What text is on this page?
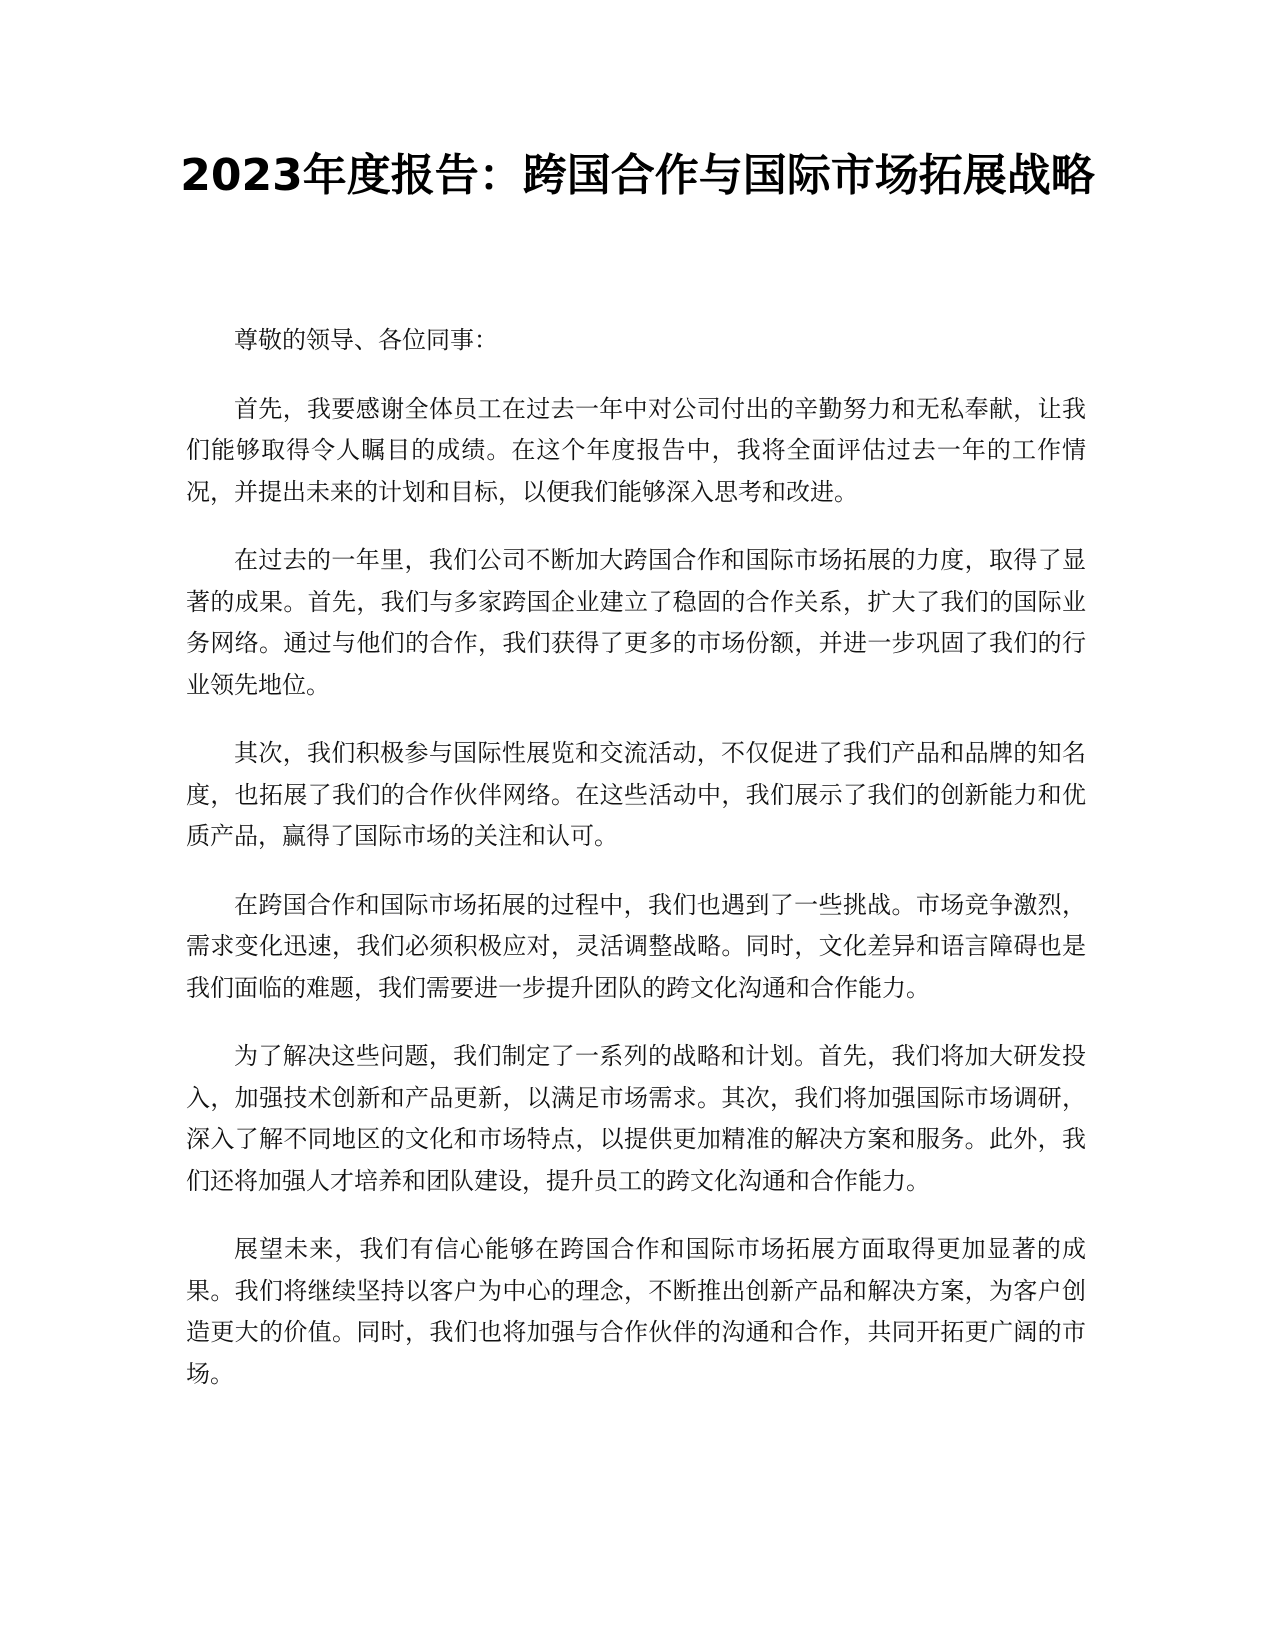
2023年度报告：跨国合作与国际市场拓展战略

尊敬的领导、各位同事：

首先，我要感谢全体员工在过去一年中对公司付出的辛勤努力和无私奉献，让我们能够取得令人瞩目的成绩。在这个年度报告中，我将全面评估过去一年的工作情况，并提出未来的计划和目标，以便我们能够深入思考和改进。

在过去的一年里，我们公司不断加大跨国合作和国际市场拓展的力度，取得了显著的成果。首先，我们与多家跨国企业建立了稳固的合作关系，扩大了我们的国际业务网络。通过与他们的合作，我们获得了更多的市场份额，并进一步巩固了我们的行业领先地位。

其次，我们积极参与国际性展览和交流活动，不仅促进了我们产品和品牌的知名度，也拓展了我们的合作伙伴网络。在这些活动中，我们展示了我们的创新能力和优质产品，赢得了国际市场的关注和认可。

在跨国合作和国际市场拓展的过程中，我们也遇到了一些挑战。市场竞争激烈，需求变化迅速，我们必须积极应对，灵活调整战略。同时，文化差异和语言障碍也是我们面临的难题，我们需要进一步提升团队的跨文化沟通和合作能力。

为了解决这些问题，我们制定了一系列的战略和计划。首先，我们将加大研发投入，加强技术创新和产品更新，以满足市场需求。其次，我们将加强国际市场调研，深入了解不同地区的文化和市场特点，以提供更加精准的解决方案和服务。此外，我们还将加强人才培养和团队建设，提升员工的跨文化沟通和合作能力。

展望未来，我们有信心能够在跨国合作和国际市场拓展方面取得更加显著的成果。我们将继续坚持以客户为中心的理念，不断推出创新产品和解决方案，为客户创造更大的价值。同时，我们也将加强与合作伙伴的沟通和合作，共同开拓更广阔的市场。
